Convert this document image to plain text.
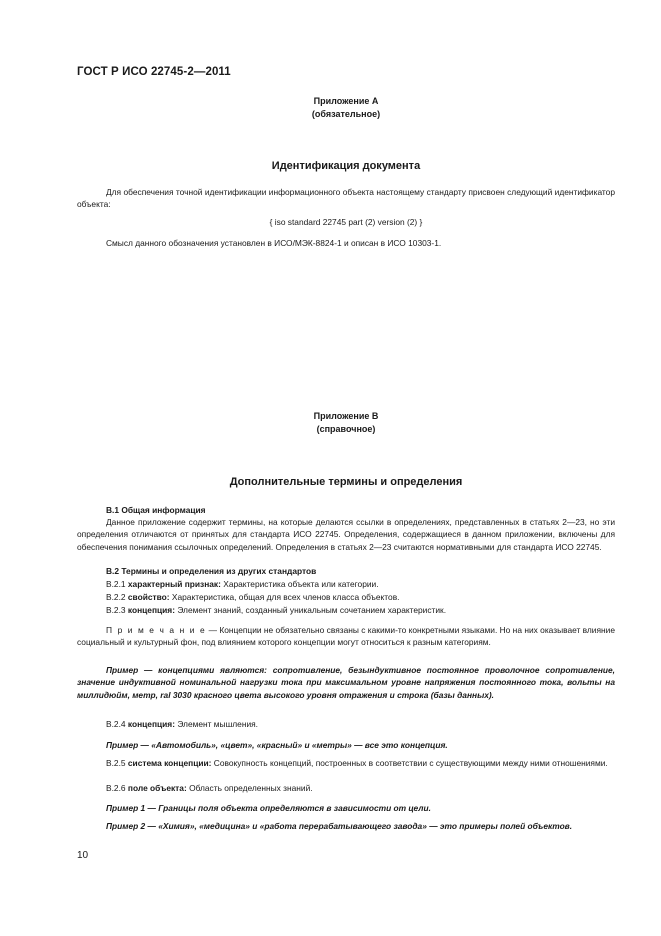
ГОСТ Р ИСО 22745-2—2011
Приложение A
(обязательное)
Идентификация документа
Для обеспечения точной идентификации информационного объекта настоящему стандарту присвоен следующий идентификатор объекта:
{ iso standard 22745 part (2) version (2) }
Смысл данного обозначения установлен в ИСО/МЭК-8824-1 и описан в ИСО 10303-1.
Приложение B
(справочное)
Дополнительные термины и определения
B.1 Общая информация
Данное приложение содержит термины, на которые делаются ссылки в определениях, представленных в статьях 2—23, но эти определения отличаются от принятых для стандарта ИСО 22745. Определения, содержащиеся в данном приложении, включены для обеспечения понимания ссылочных определений. Определения в статьях 2—23 считаются нормативными для стандарта ИСО 22745.
B.2 Термины и определения из других стандартов
B.2.1 характерный признак: Характеристика объекта или категории.
B.2.2 свойство: Характеристика, общая для всех членов класса объектов.
B.2.3 концепция: Элемент знаний, созданный уникальным сочетанием характеристик.
П р и м е ч а н и е — Концепции не обязательно связаны с какими-то конкретными языками. Но на них оказывает влияние социальный и культурный фон, под влиянием которого концепции могут относиться к разным категориям.
Пример — концепциями являются: сопротивление, безындуктивное постоянное проволочное сопротивление, значение индуктивной номинальной нагрузки тока при максимальном уровне напряжения постоянного тока, вольты на миллидюйм, метр, ral 3030 красного цвета высокого уровня отражения и строка (базы данных).
B.2.4 концепция: Элемент мышления.
Пример — «Автомобиль», «цвет», «красный» и «метры» — все это концепция.
B.2.5 система концепции: Совокупность концепций, построенных в соответствии с существующими между ними отношениями.
B.2.6 поле объекта: Область определенных знаний.
Пример 1 — Границы поля объекта определяются в зависимости от цели.
Пример 2 — «Химия», «медицина» и «работа перерабатывающего завода» — это примеры полей объектов.
10
